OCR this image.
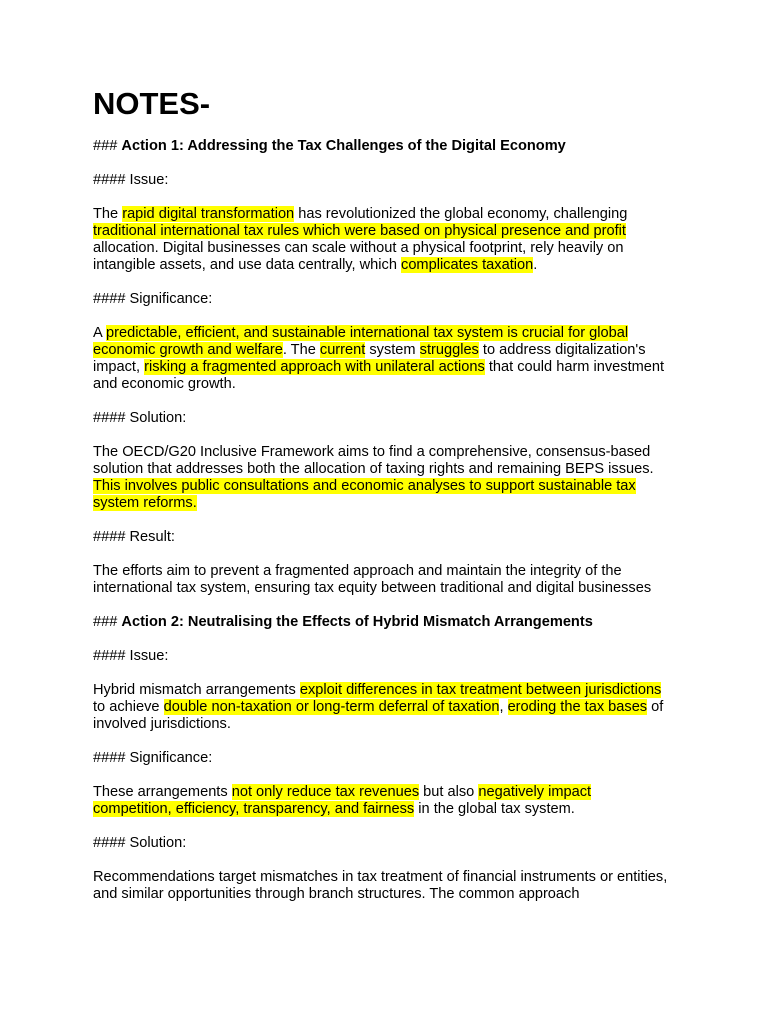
NOTES-
### Action 1: Addressing the Tax Challenges of the Digital Economy
#### Issue:
The rapid digital transformation has revolutionized the global economy, challenging traditional international tax rules which were based on physical presence and profit allocation. Digital businesses can scale without a physical footprint, rely heavily on intangible assets, and use data centrally, which complicates taxation.
#### Significance:
A predictable, efficient, and sustainable international tax system is crucial for global economic growth and welfare. The current system struggles to address digitalization's impact, risking a fragmented approach with unilateral actions that could harm investment and economic growth.
#### Solution:
The OECD/G20 Inclusive Framework aims to find a comprehensive, consensus-based solution that addresses both the allocation of taxing rights and remaining BEPS issues. This involves public consultations and economic analyses to support sustainable tax system reforms.
#### Result:
The efforts aim to prevent a fragmented approach and maintain the integrity of the international tax system, ensuring tax equity between traditional and digital businesses
### Action 2: Neutralising the Effects of Hybrid Mismatch Arrangements
#### Issue:
Hybrid mismatch arrangements exploit differences in tax treatment between jurisdictions to achieve double non-taxation or long-term deferral of taxation, eroding the tax bases of involved jurisdictions.
#### Significance:
These arrangements not only reduce tax revenues but also negatively impact competition, efficiency, transparency, and fairness in the global tax system.
#### Solution:
Recommendations target mismatches in tax treatment of financial instruments or entities, and similar opportunities through branch structures. The common approach
